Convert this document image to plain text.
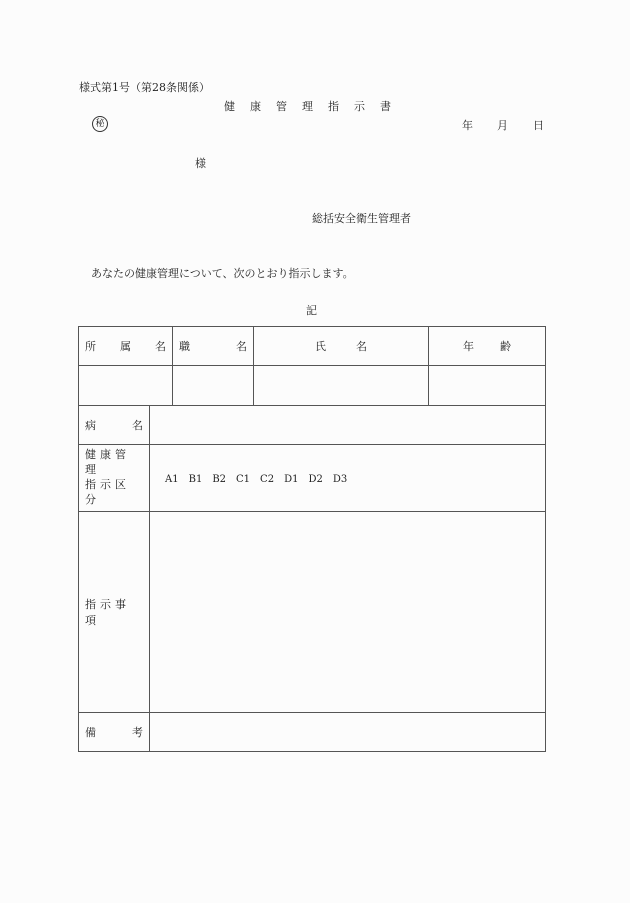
様式第1号（第28条関係）
健康管理指示書
秘	年 月 日
様
総括安全衛生管理者
あなたの健康管理について、次のとおり指示します。
記
所 属 名		職 名	氏 名	年 齢

病 名				

健康管理
指示区分	A1 B1 B2 C1 C2 D1 D2 D3			
指示事項				

備 考				
